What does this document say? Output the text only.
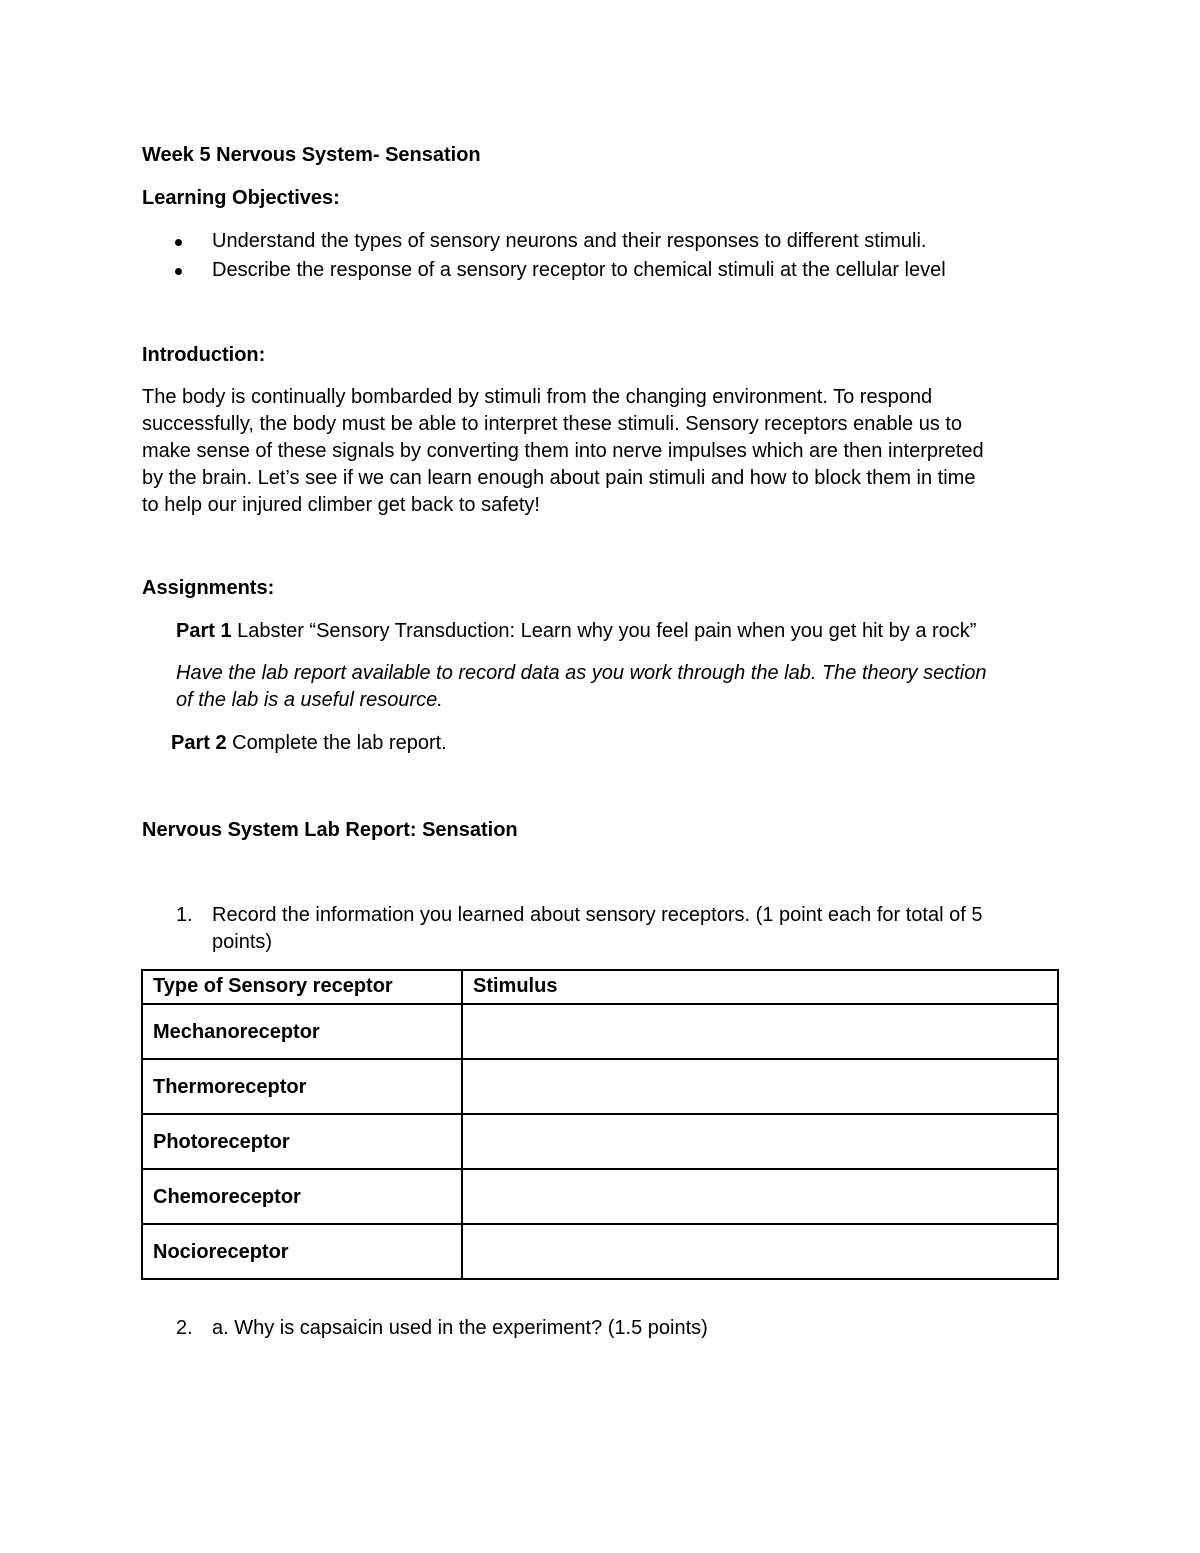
Week 5 Nervous System- Sensation
Learning Objectives:
Understand the types of sensory neurons and their responses to different stimuli.
Describe the response of a sensory receptor to chemical stimuli at the cellular level
Introduction:
The body is continually bombarded by stimuli from the changing environment. To respond
successfully, the body must be able to interpret these stimuli. Sensory receptors enable us to
make sense of these signals by converting them into nerve impulses which are then interpreted
by the brain. Let’s see if we can learn enough about pain stimuli and how to block them in time
to help our injured climber get back to safety!
Assignments:
Part 1 Labster “Sensory Transduction: Learn why you feel pain when you get hit by a rock”
Have the lab report available to record data as you work through the lab. The theory section
of the lab is a useful resource.
Part 2 Complete the lab report.
Nervous System Lab Report: Sensation
1. Record the information you learned about sensory receptors. (1 point each for total of 5
points)
Type of Sensory receptor	Stimulus
Mechanoreceptor	
Thermoreceptor	
Photoreceptor	
Chemoreceptor	
Nocioreceptor	
2. a. Why is capsaicin used in the experiment? (1.5 points)
